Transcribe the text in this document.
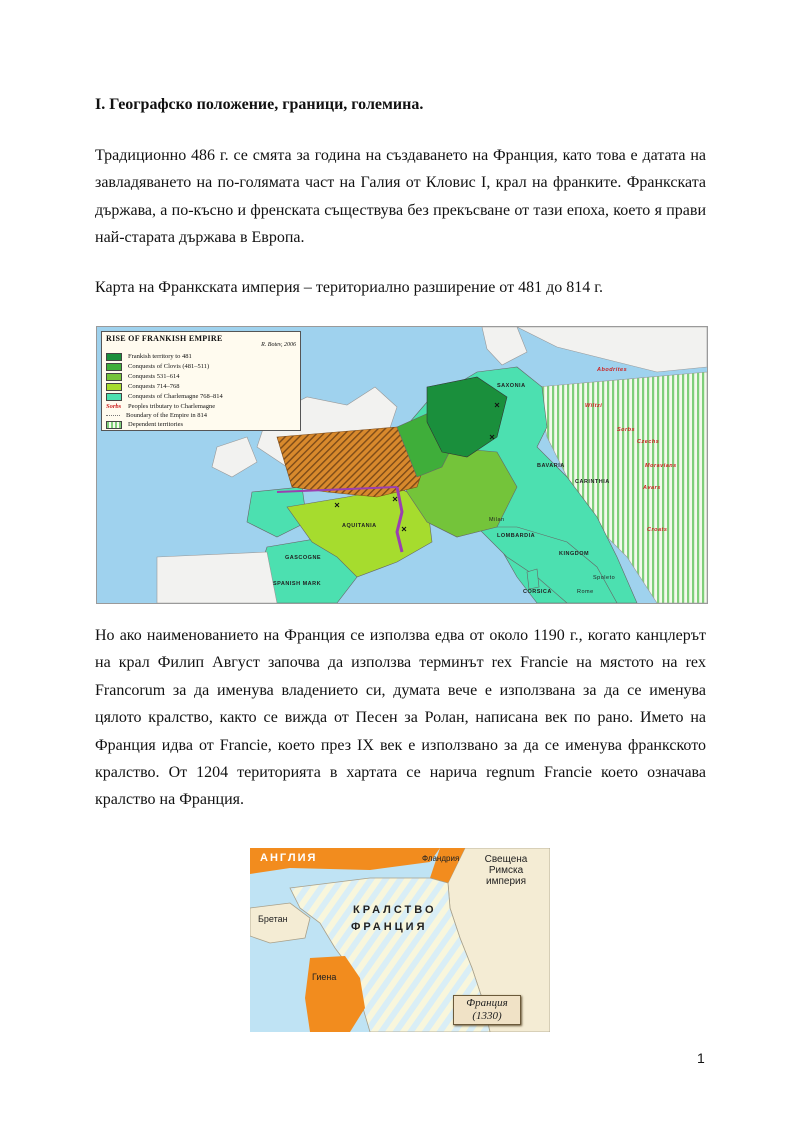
I. Географско положение, граници, големина.

Традиционно 486 г. се смята за година на създаването на Франция, като това е датата на завладяването на по-голямата част на Галия от Кловис I, крал на франките. Франкската държава, а по-късно и френската съществува без прекъсване от тази епоха, което я прави най-старата държава в Европа.

Карта на Франкската империя – териториално разширение от 481 до 814 г.

RISE OF FRANKISH EMPIRE
R. Botev, 2006
Frankish territory to 481
Conquests of Clovis (481–511)
Conquests 531–614
Conquests 714–768
Conquests of Charlemagne 768–814
Sorbs Peoples tributary to Charlemagne
Boundary of the Empire in 814
Dependent territories
SAXONIA
BAVARIA
CARINTHIA
AQUITANIA
GASCOGNE
SPANISH MARK
LOMBARDIA
KINGDOM
CORSICA
Avars
Croats
Sorbs
Wiltzi
Czechs
Abodrites
Moravians
Milan
Spoleto
Rome

Но ако наименованието на Франция се използва едва от около 1190 г., когато канцлерът на крал Филип Август започва да използва терминът rex Francie на мястото на rex Francorum за да именува владението си, думата вече е използвана за да се именува цялото кралство, както се вижда от Песен за Ролан, написана век по рано. Името на Франция идва от Francie, което през IX век е използвано за да се именува франкското кралство. От 1204 територията в хартата се нарича regnum Francie което означава кралство на Франция.

АНГЛИЯ	Фландрия	Свещена Римска империя
Бретан
КРАЛСТВО
ФРАНЦИЯ
Гиена
Франция
(1330)
1
